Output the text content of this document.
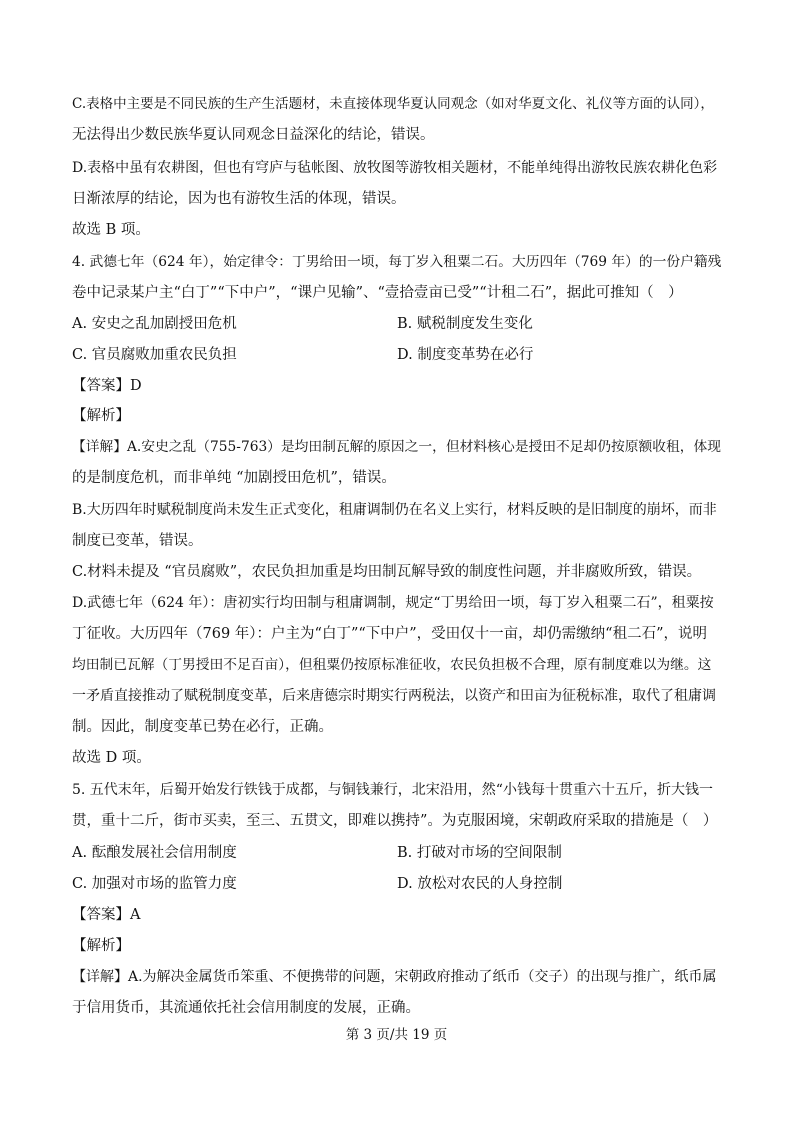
C.表格中主要是不同民族的生产生活题材，未直接体现华夏认同观念（如对华夏文化、礼仪等方面的认同），
无法得出少数民族华夏认同观念日益深化的结论，错误。
D.表格中虽有农耕图，但也有穹庐与毡帐图、放牧图等游牧相关题材，不能单纯得出游牧民族农耕化色彩
日渐浓厚的结论，因为也有游牧生活的体现，错误。
故选 B 项。
4. 武德七年（624 年），始定律令：丁男给田一顷，每丁岁入租粟二石。大历四年（769 年）的一份户籍残
卷中记录某户主“白丁”“下中户”，“课户见输”、“壹拾壹亩已受”“计租二石”，据此可推知（　）
A. 安史之乱加剧授田危机	B. 赋税制度发生变化
C. 官员腐败加重农民负担	D. 制度变革势在必行
【答案】D
【解析】
【详解】A.安史之乱（755-763）是均田制瓦解的原因之一，但材料核心是授田不足却仍按原额收租，体现
的是制度危机，而非单纯 “加剧授田危机”，错误。
B.大历四年时赋税制度尚未发生正式变化，租庸调制仍在名义上实行，材料反映的是旧制度的崩坏，而非
制度已变革，错误。
C.材料未提及 “官员腐败”，农民负担加重是均田制瓦解导致的制度性问题，并非腐败所致，错误。
D.武德七年（624 年）：唐初实行均田制与租庸调制，规定“丁男给田一顷，每丁岁入租粟二石”，租粟按
丁征收。大历四年（769 年）：户主为“白丁”“下中户”，受田仅十一亩，却仍需缴纳“租二石”，说明
均田制已瓦解（丁男授田不足百亩），但租粟仍按原标准征收，农民负担极不合理，原有制度难以为继。这
一矛盾直接推动了赋税制度变革，后来唐德宗时期实行两税法，以资产和田亩为征税标准，取代了租庸调
制。因此，制度变革已势在必行，正确。
故选 D 项。
5. 五代末年，后蜀开始发行铁钱于成都，与铜钱兼行，北宋沿用，然“小钱每十贯重六十五斤，折大钱一
贯，重十二斤，街市买卖，至三、五贯文，即难以携持”。为克服困境，宋朝政府采取的措施是（　）
A. 酝酿发展社会信用制度	B. 打破对市场的空间限制
C. 加强对市场的监管力度	D. 放松对农民的人身控制
【答案】A
【解析】
【详解】A.为解决金属货币笨重、不便携带的问题，宋朝政府推动了纸币（交子）的出现与推广，纸币属
于信用货币，其流通依托社会信用制度的发展，正确。
第 3 页/共 19 页
